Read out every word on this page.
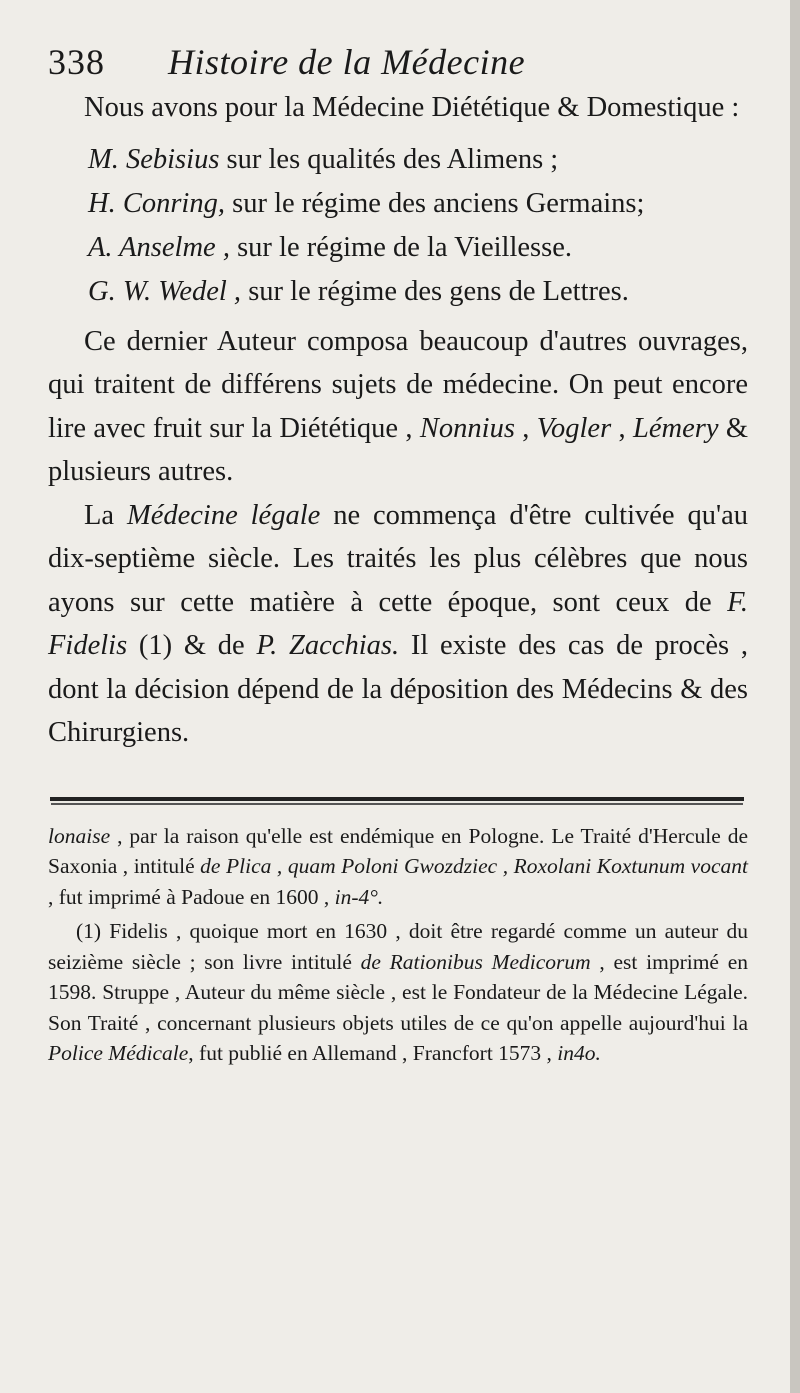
338	Histoire de la Médecine

Nous avons pour la Médecine Diététique & Domestique :

M. Sebisius sur les qualités des Alimens ;
H. Conring, sur le régime des anciens Germains;
A. Anselme , sur le régime de la Vieillesse.
G. W. Wedel , sur le régime des gens de Lettres.

Ce dernier Auteur composa beaucoup d'autres ouvrages, qui traitent de différens sujets de médecine. On peut encore lire avec fruit sur la Diététique , Nonnius , Vogler , Lémery & plusieurs autres.

La Médecine légale ne commença d'être cultivée qu'au dix-septième siècle. Les traités les plus célèbres que nous ayons sur cette matière à cette époque, sont ceux de F. Fidelis (1) & de P. Zacchias. Il existe des cas de procès , dont la décision dépend de la déposition des Médecins & des Chirurgiens.

lonaise , par la raison qu'elle est endémique en Pologne. Le Traité d'Hercule de Saxonia , intitulé de Plica , quam Poloni Gwozdziec , Roxolani Koxtunum vocant , fut imprimé à Padoue en 1600 , in-4°.

(1) Fidelis , quoique mort en 1630 , doit être regardé comme un auteur du seizième siècle ; son livre intitulé de Rationibus Medicorum , est imprimé en 1598. Struppe , Auteur du même siècle , est le Fondateur de la Médecine Légale. Son Traité , concernant plusieurs objets utiles de ce qu'on appelle aujourd'hui la Police Médicale, fut publié en Allemand , Francfort 1573 , in4o.
